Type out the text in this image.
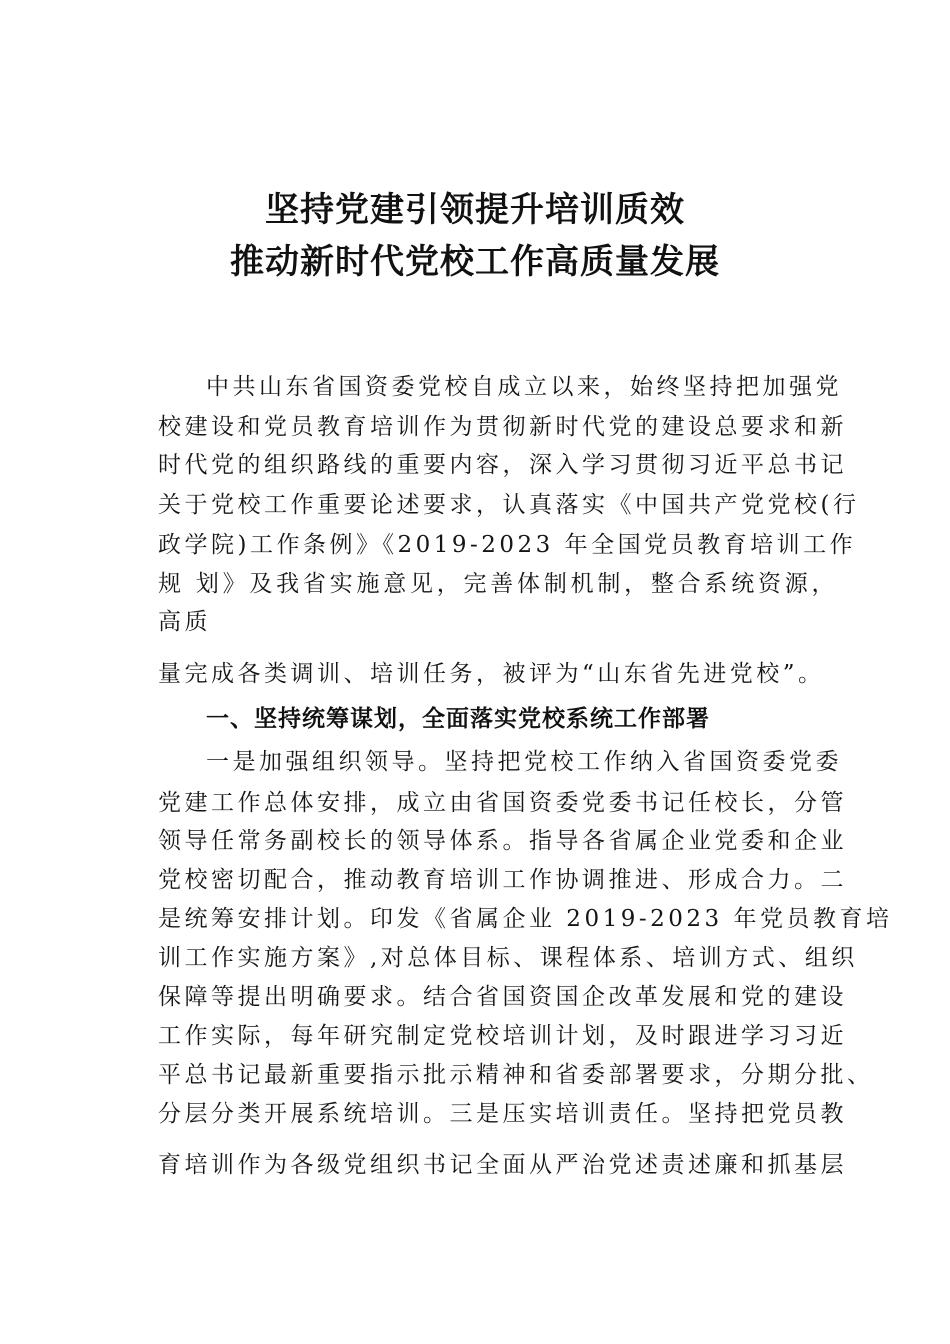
坚持党建引领提升培训质效
推动新时代党校工作高质量发展
中共山东省国资委党校自成立以来，始终坚持把加强党
校建设和党员教育培训作为贯彻新时代党的建设总要求和新
时代党的组织路线的重要内容，深入学习贯彻习近平总书记
关于党校工作重要论述要求，认真落实《中国共产党党校(行
政学院)工作条例》《2019-2023 年全国党员教育培训工作
规 划》及我省实施意见，完善体制机制，整合系统资源，
高质
量完成各类调训、培训任务，被评为“山东省先进党校”。
一、坚持统筹谋划，全面落实党校系统工作部署
一是加强组织领导。坚持把党校工作纳入省国资委党委
党建工作总体安排，成立由省国资委党委书记任校长，分管
领导任常务副校长的领导体系。指导各省属企业党委和企业
党校密切配合，推动教育培训工作协调推进、形成合力。二
是统筹安排计划。印发《省属企业 2019-2023 年党员教育培
训工作实施方案》,对总体目标、课程体系、培训方式、组织
保障等提出明确要求。结合省国资国企改革发展和党的建设
工作实际，每年研究制定党校培训计划，及时跟进学习习近
平总书记最新重要指示批示精神和省委部署要求，分期分批、
分层分类开展系统培训。三是压实培训责任。坚持把党员教
育培训作为各级党组织书记全面从严治党述责述廉和抓基层
